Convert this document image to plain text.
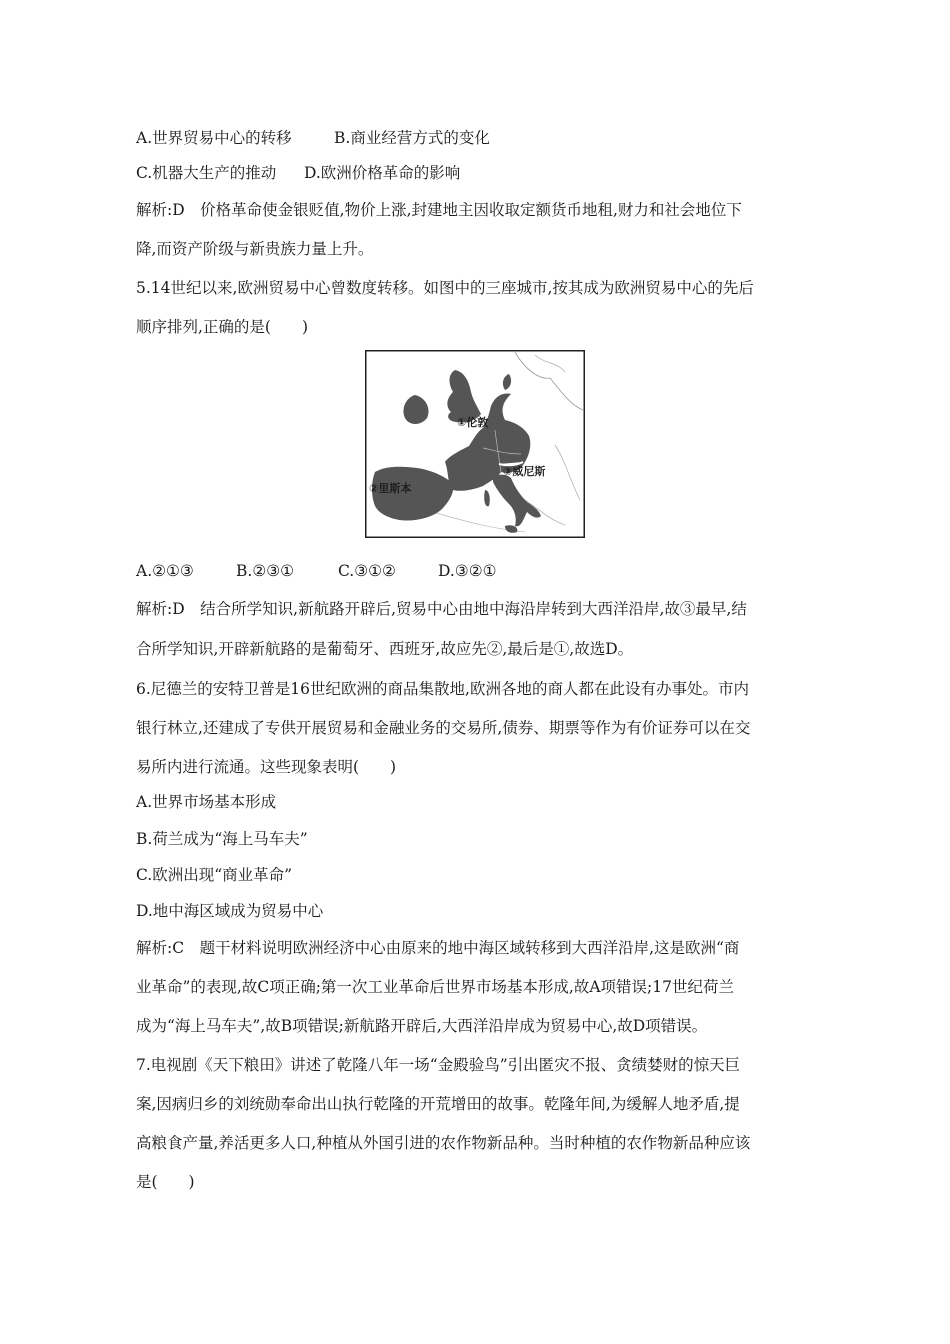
A.世界贸易中心的转移	B.商业经营方式的变化
C.机器大生产的推动 D.欧洲价格革命的影响
解析:D　价格革命使金银贬值,物价上涨,封建地主因收取定额货币地租,财力和社会地位下
降,而资产阶级与新贵族力量上升。
5.14世纪以来,欧洲贸易中心曾数度转移。如图中的三座城市,按其成为欧洲贸易中心的先后
顺序排列,正确的是(　　)
①伦敦
③威尼斯
②里斯本
A.②①③	B.②③①	C.③①②	D.③②①
解析:D　结合所学知识,新航路开辟后,贸易中心由地中海沿岸转到大西洋沿岸,故③最早,结
合所学知识,开辟新航路的是葡萄牙、西班牙,故应先②,最后是①,故选D。
6.尼德兰的安特卫普是16世纪欧洲的商品集散地,欧洲各地的商人都在此设有办事处。市内
银行林立,还建成了专供开展贸易和金融业务的交易所,债券、期票等作为有价证券可以在交
易所内进行流通。这些现象表明(　　)
A.世界市场基本形成
B.荷兰成为“海上马车夫”
C.欧洲出现“商业革命”
D.地中海区域成为贸易中心
解析:C　题干材料说明欧洲经济中心由原来的地中海区域转移到大西洋沿岸,这是欧洲“商
业革命”的表现,故C项正确;第一次工业革命后世界市场基本形成,故A项错误;17世纪荷兰
成为“海上马车夫”,故B项错误;新航路开辟后,大西洋沿岸成为贸易中心,故D项错误。
7.电视剧《天下粮田》讲述了乾隆八年一场“金殿验鸟”引出匿灾不报、贪绩婪财的惊天巨
案,因病归乡的刘统勋奉命出山执行乾隆的开荒增田的故事。乾隆年间,为缓解人地矛盾,提
高粮食产量,养活更多人口,种植从外国引进的农作物新品种。当时种植的农作物新品种应该
是(　　)
